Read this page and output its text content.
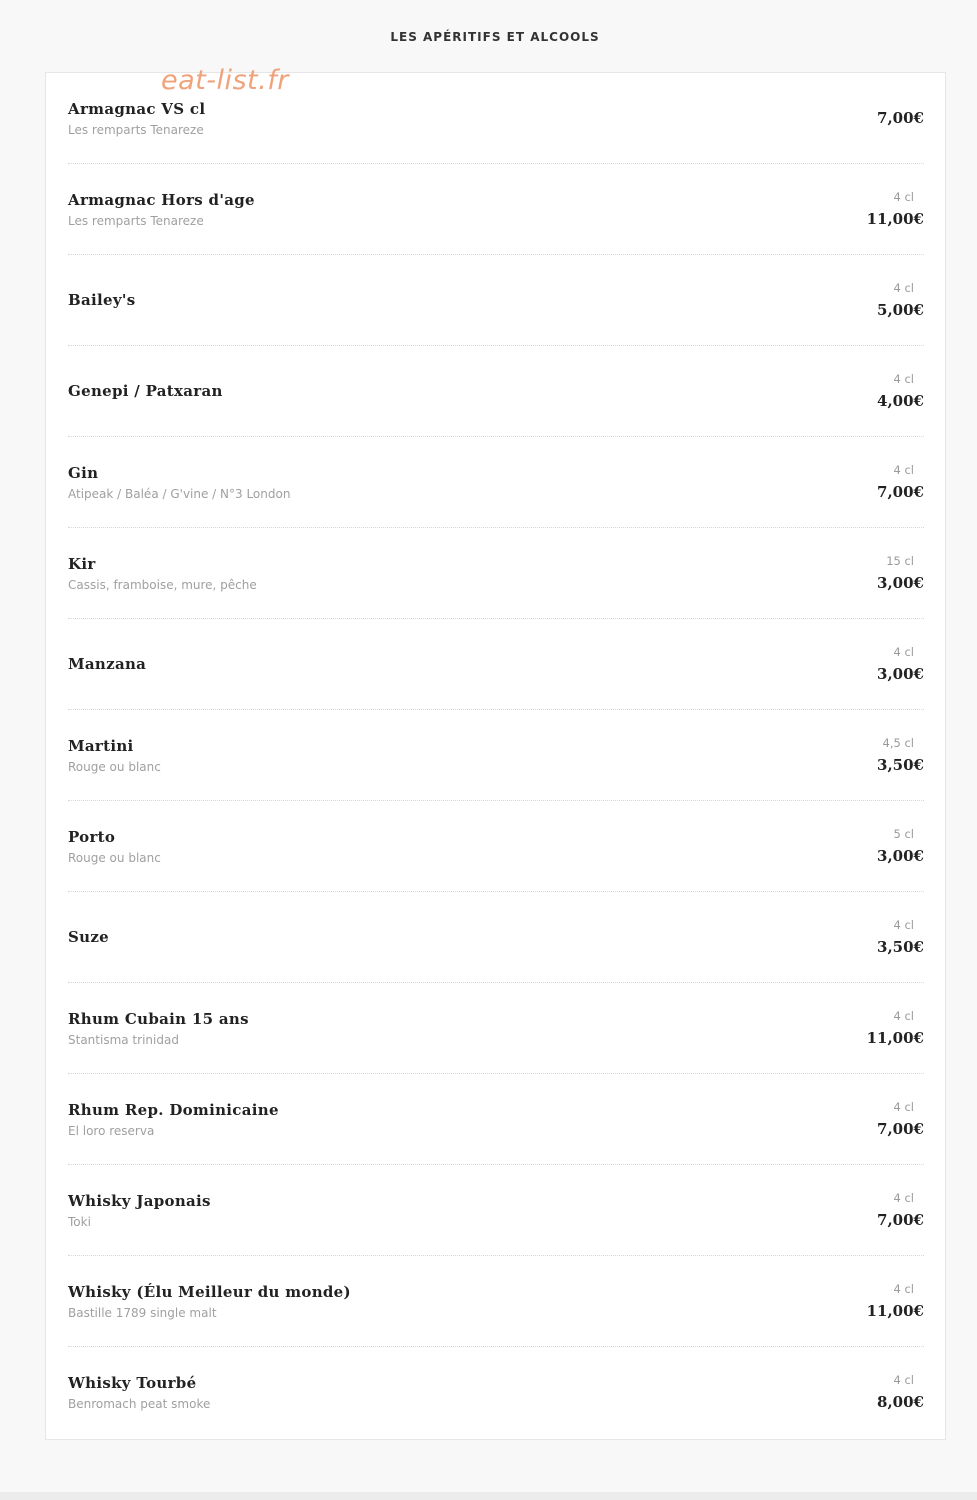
LES APÉRITIFS ET ALCOOLS
eat-list.fr
Armagnac VS cl
Les remparts Tenareze
7,00€
Armagnac Hors d'age
Les remparts Tenareze
4 cl
11,00€
Bailey's
4 cl
5,00€
Genepi / Patxaran
4 cl
4,00€
Gin
Atipeak / Baléa / G'vine / N°3 London
4 cl
7,00€
Kir
Cassis, framboise, mure, pêche
15 cl
3,00€
Manzana
4 cl
3,00€
Martini
Rouge ou blanc
4,5 cl
3,50€
Porto
Rouge ou blanc
5 cl
3,00€
Suze
4 cl
3,50€
Rhum Cubain 15 ans
Stantisma trinidad
4 cl
11,00€
Rhum Rep. Dominicaine
El loro reserva
4 cl
7,00€
Whisky Japonais
Toki
4 cl
7,00€
Whisky (Élu Meilleur du monde)
Bastille 1789 single malt
4 cl
11,00€
Whisky Tourbé
Benromach peat smoke
4 cl
8,00€
